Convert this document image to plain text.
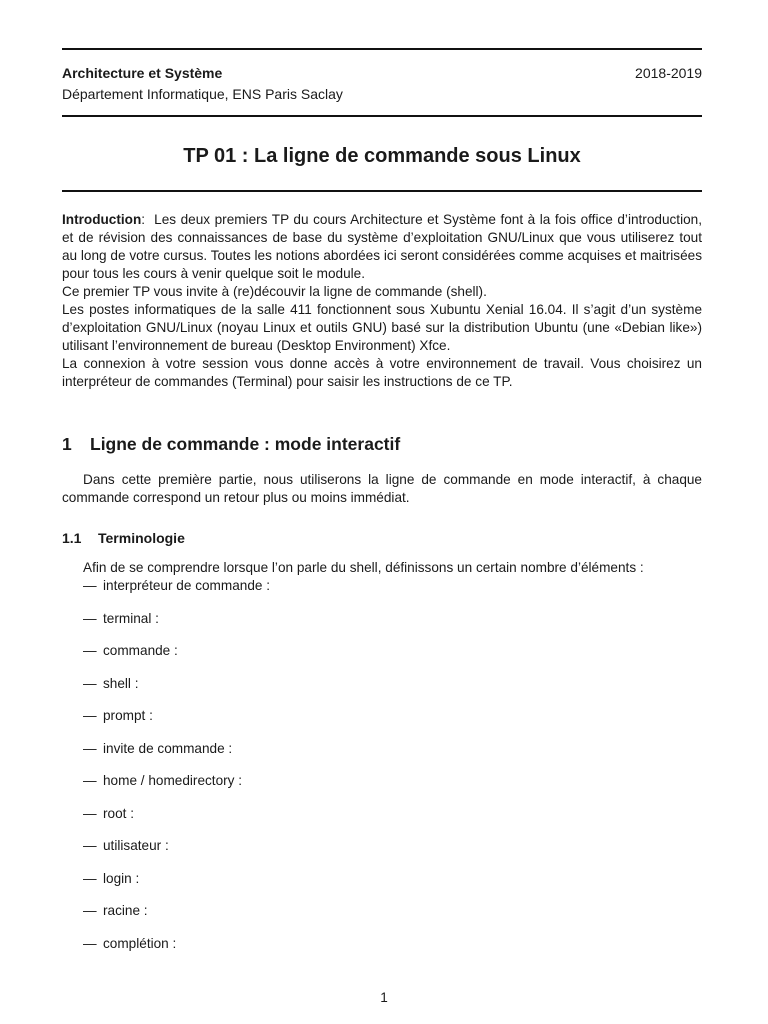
Architecture et Système
Département Informatique, ENS Paris Saclay
2018-2019
TP 01 : La ligne de commande sous Linux

Introduction:  Les deux premiers TP du cours Architecture et Système font à la fois office d’introduction, et de révision des connaissances de base du système d’exploitation GNU/Linux que vous utiliserez tout au long de votre cursus. Toutes les notions abordées ici seront considérées comme acquises et maitrisées pour tous les cours à venir quelque soit le module.

Ce premier TP vous invite à (re)découvir la ligne de commande (shell).

Les postes informatiques de la salle 411 fonctionnent sous Xubuntu Xenial 16.04. Il s’agit d’un système d’exploitation GNU/Linux (noyau Linux et outils GNU) basé sur la distribution Ubuntu (une «Debian like») utilisant l’environnement de bureau (Desktop Environment) Xfce.

La connexion à votre session vous donne accès à votre environnement de travail. Vous choisirez un interpréteur de commandes (Terminal) pour saisir les instructions de ce TP.

1 Ligne de commande : mode interactif

Dans cette première partie, nous utiliserons la ligne de commande en mode interactif, à chaque commande correspond un retour plus ou moins immédiat.

1.1 Terminologie
Afin de se comprendre lorsque l’on parle du shell, définissons un certain nombre d’éléments :
— interpréteur de commande :
— terminal :
— commande :
— shell :
— prompt :
— invite de commande :
— home / homedirectory :
— root :
— utilisateur :
— login :
— racine :
— complétion :
1
